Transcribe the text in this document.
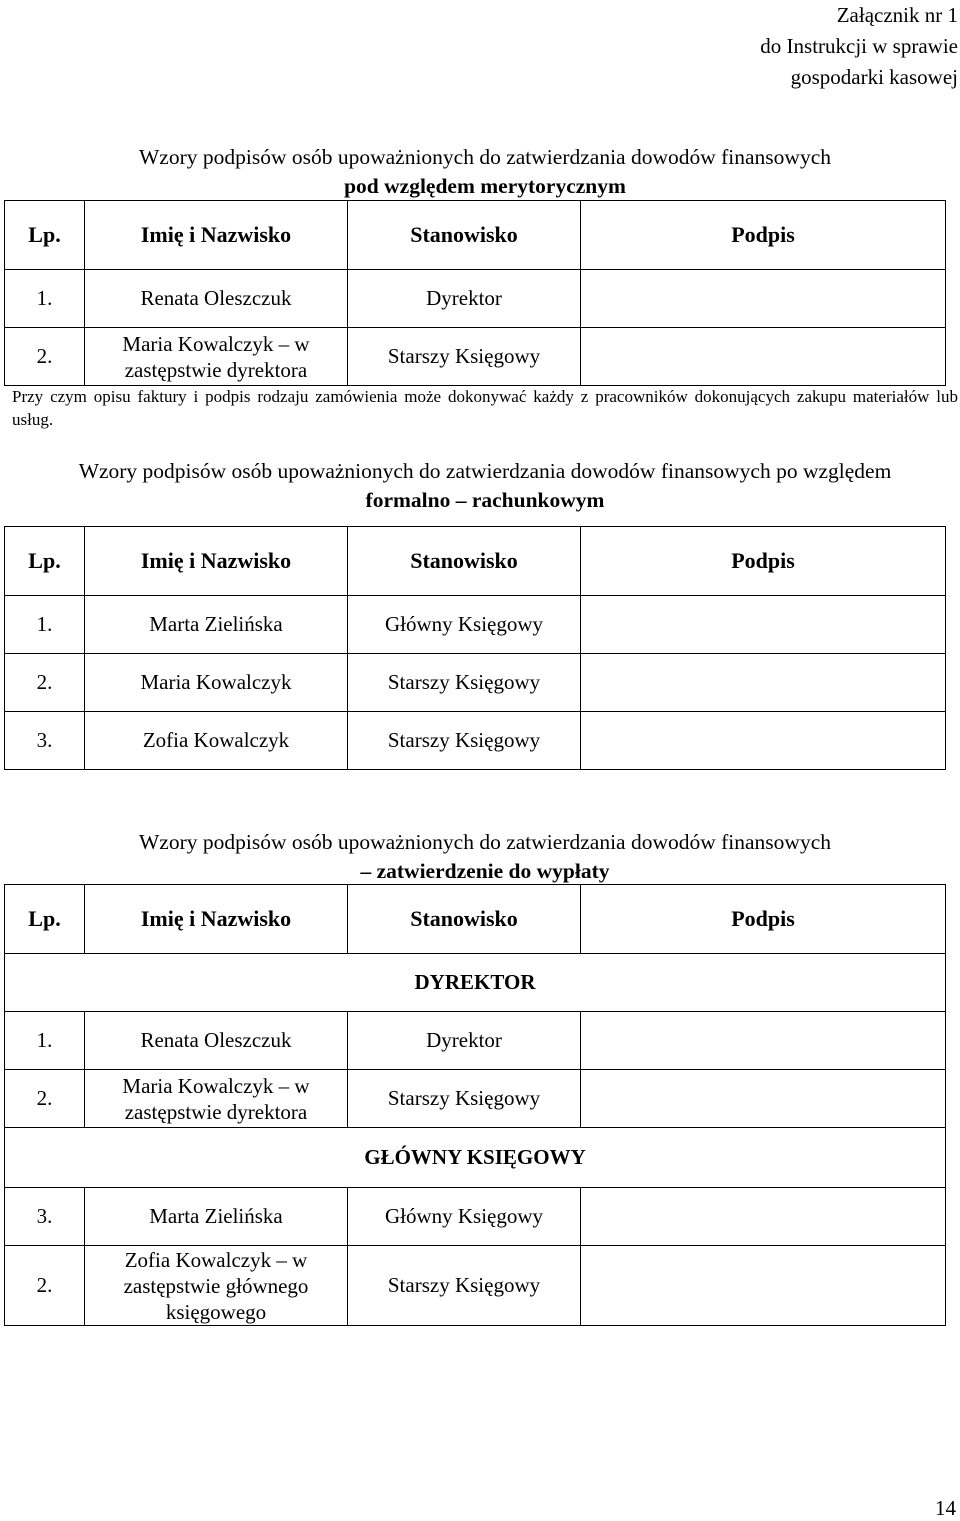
Załącznik nr 1
do Instrukcji w sprawie
gospodarki kasowej
Wzory podpisów osób upoważnionych do zatwierdzania dowodów finansowych
pod względem merytorycznym
Lp.	Imię i Nazwisko	Stanowisko	Podpis
1.	Renata Oleszczuk	Dyrektor	
2.	Maria Kowalczyk – w
zastępstwie dyrektora	Starszy Księgowy	
Przy czym opisu faktury i podpis rodzaju zamówienia może dokonywać każdy z pracowników dokonujących zakupu materiałów lub usług.
Wzory podpisów osób upoważnionych do zatwierdzania dowodów finansowych po względem
formalno – rachunkowym
Lp.	Imię i Nazwisko	Stanowisko	Podpis
1.	Marta Zielińska	Główny Księgowy	
2.	Maria Kowalczyk	Starszy Księgowy	
3.	Zofia Kowalczyk	Starszy Księgowy	
Wzory podpisów osób upoważnionych do zatwierdzania dowodów finansowych
– zatwierdzenie do wypłaty
Lp.	Imię i Nazwisko	Stanowisko	Podpis
DYREKTOR			
1.	Renata Oleszczuk	Dyrektor	
2.	Maria Kowalczyk – w
zastępstwie dyrektora	Starszy Księgowy	
GŁÓWNY KSIĘGOWY			
3.	Marta Zielińska	Główny Księgowy	
2.	Zofia Kowalczyk – w
zastępstwie głównego
księgowego	Starszy Księgowy	
14
